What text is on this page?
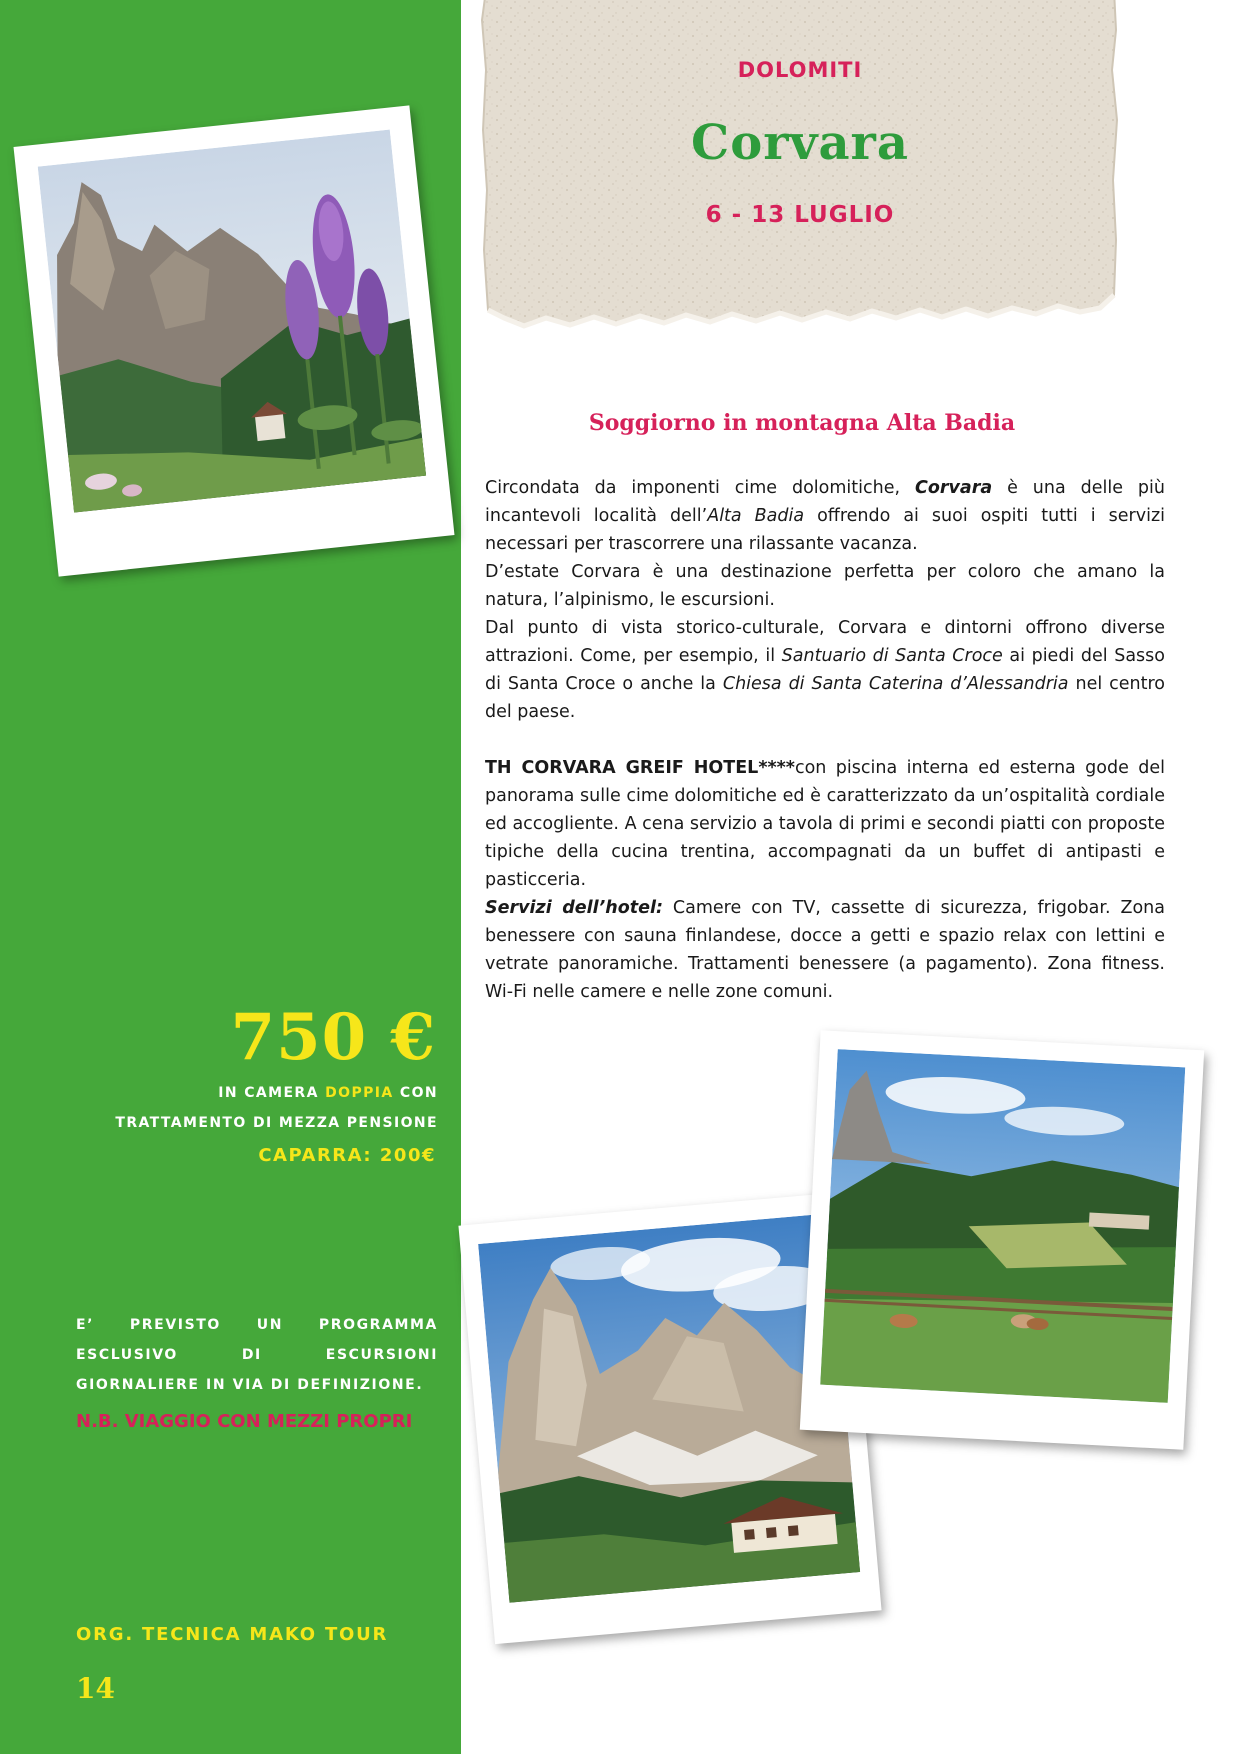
DOLOMITI
Corvara
6 - 13 LUGLIO
Soggiorno in montagna Alta Badia

Circondata da imponenti cime dolomitiche, Corvara è una delle più incantevoli località dell’Alta Badia offrendo ai suoi ospiti tutti i servizi necessari per trascorrere una rilassante vacanza.

D’estate Corvara è una destinazione perfetta per coloro che amano la natura, l’alpinismo, le escursioni.

Dal punto di vista storico-culturale, Corvara e dintorni offrono diverse attrazioni. Come, per esempio, il Santuario di Santa Croce ai piedi del Sasso di Santa Croce o anche la Chiesa di Santa Caterina d’Alessandria nel centro del paese.

TH CORVARA GREIF HOTEL****con piscina interna ed esterna gode del panorama sulle cime dolomitiche ed è caratterizzato da un’ospitalità cordiale ed accogliente. A cena servizio a tavola di primi e secondi piatti con proposte tipiche della cucina trentina, accompagnati da un buffet di antipasti e pasticceria.

Servizi dell’hotel: Camere con TV, cassette di sicurezza, frigobar. Zona benessere con sauna finlandese, docce a getti e spazio relax con lettini e vetrate panoramiche. Trattamenti benessere (a pagamento). Zona fitness. Wi-Fi nelle camere e nelle zone comuni.

750 €
IN CAMERA DOPPIA CON
TRATTAMENTO DI MEZZA PENSIONE
CAPARRA: 200€
E’ PREVISTO UN PROGRAMMA ESCLUSIVO DI ESCURSIONI GIORNALIERE IN VIA DI DEFINIZIONE.
N.B. VIAGGIO CON MEZZI PROPRI
ORG. TECNICA MAKO TOUR
14
